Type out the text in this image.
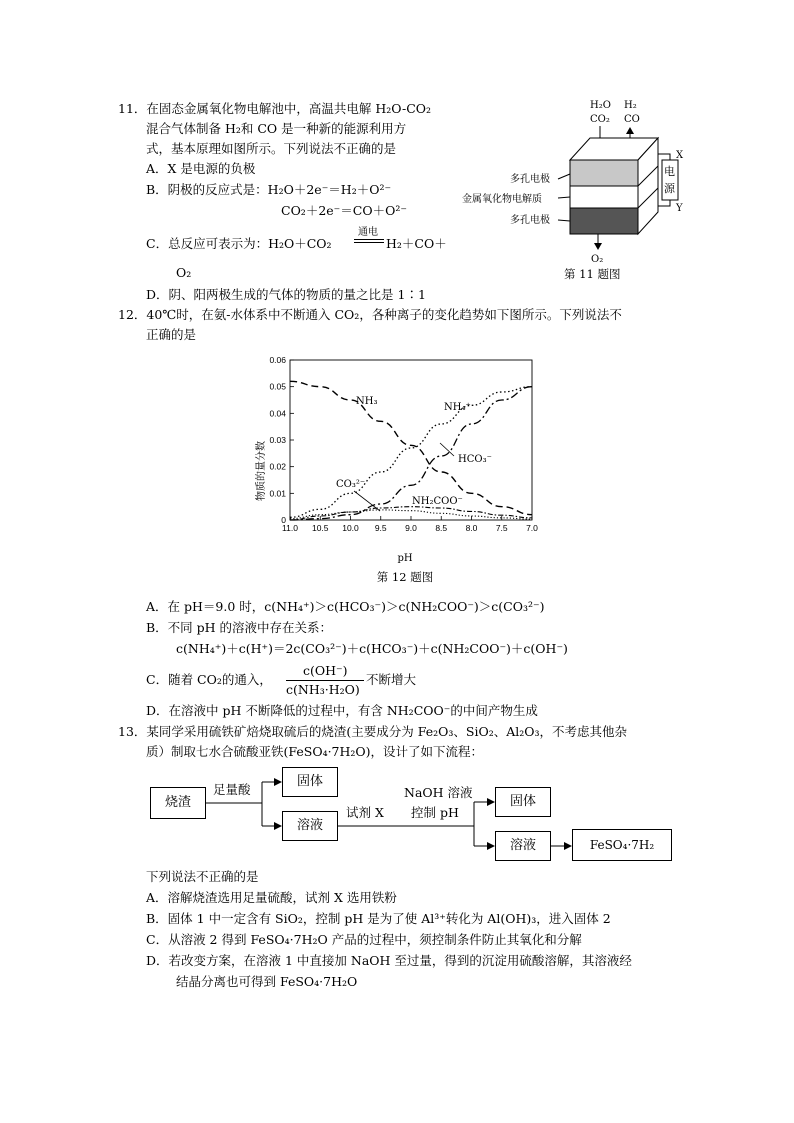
11．在固态金属氧化物电解池中，高温共电解 H₂O-CO₂
混合气体制备 H₂和 CO 是一种新的能源利用方
式，基本原理如图所示。下列说法不正确的是
A．X 是电源的负极
B．阴极的反应式是：H₂O＋2e⁻＝H₂＋O²⁻
CO₂＋2e⁻＝CO＋O²⁻
C．总反应可表示为：H₂O＋CO₂
通电
H₂＋CO＋
O₂
D．阴、阳两极生成的气体的物质的量之比是 1∶1
H₂O
CO₂
H₂
CO
电
源
X
Y
多孔电极
金属氧化物电解质
多孔电极
O₂
第 11 题图
12．40℃时，在氨-水体系中不断通入 CO₂，各种离子的变化趋势如下图所示。下列说法不
正确的是
物质的量分数
11.0 10.5 10.0 9.5 9.0 8.5 8.0 7.5 7.0
0
0.01
0.02
0.03
0.04
0.05
0.06
NH₃
NH₄⁺
HCO₃⁻
CO₃²⁻
NH₂COO⁻
pH
第 12 题图
A．在 pH＝9.0 时，c(NH₄⁺)＞c(HCO₃⁻)＞c(NH₂COO⁻)＞c(CO₃²⁻)
B．不同 pH 的溶液中存在关系：
c(NH₄⁺)＋c(H⁺)＝2c(CO₃²⁻)＋c(HCO₃⁻)＋c(NH₂COO⁻)＋c(OH⁻)
C．随着 CO₂的通入，
c(OH⁻)
c(NH₃·H₂O)
不断增大
D．在溶液中 pH 不断降低的过程中，有含 NH₂COO⁻的中间产物生成
13．某同学采用硫铁矿焙烧取硫后的烧渣(主要成分为 Fe₂O₃、SiO₂、Al₂O₃，不考虑其他杂
质）制取七水合硫酸亚铁(FeSO₄·7H₂O)，设计了如下流程：
烧渣
固体
溶液
固体
溶液	FeSO₄·7H₂
足量酸
试剂 X
NaOH 溶液
控制 pH
下列说法不正确的是
A．溶解烧渣选用足量硫酸，试剂 X 选用铁粉
B．固体 1 中一定含有 SiO₂，控制 pH 是为了使 Al³⁺转化为 Al(OH)₃，进入固体 2
C．从溶液 2 得到 FeSO₄·7H₂O 产品的过程中，须控制条件防止其氧化和分解
D．若改变方案，在溶液 1 中直接加 NaOH 至过量，得到的沉淀用硫酸溶解，其溶液经
结晶分离也可得到 FeSO₄·7H₂O
